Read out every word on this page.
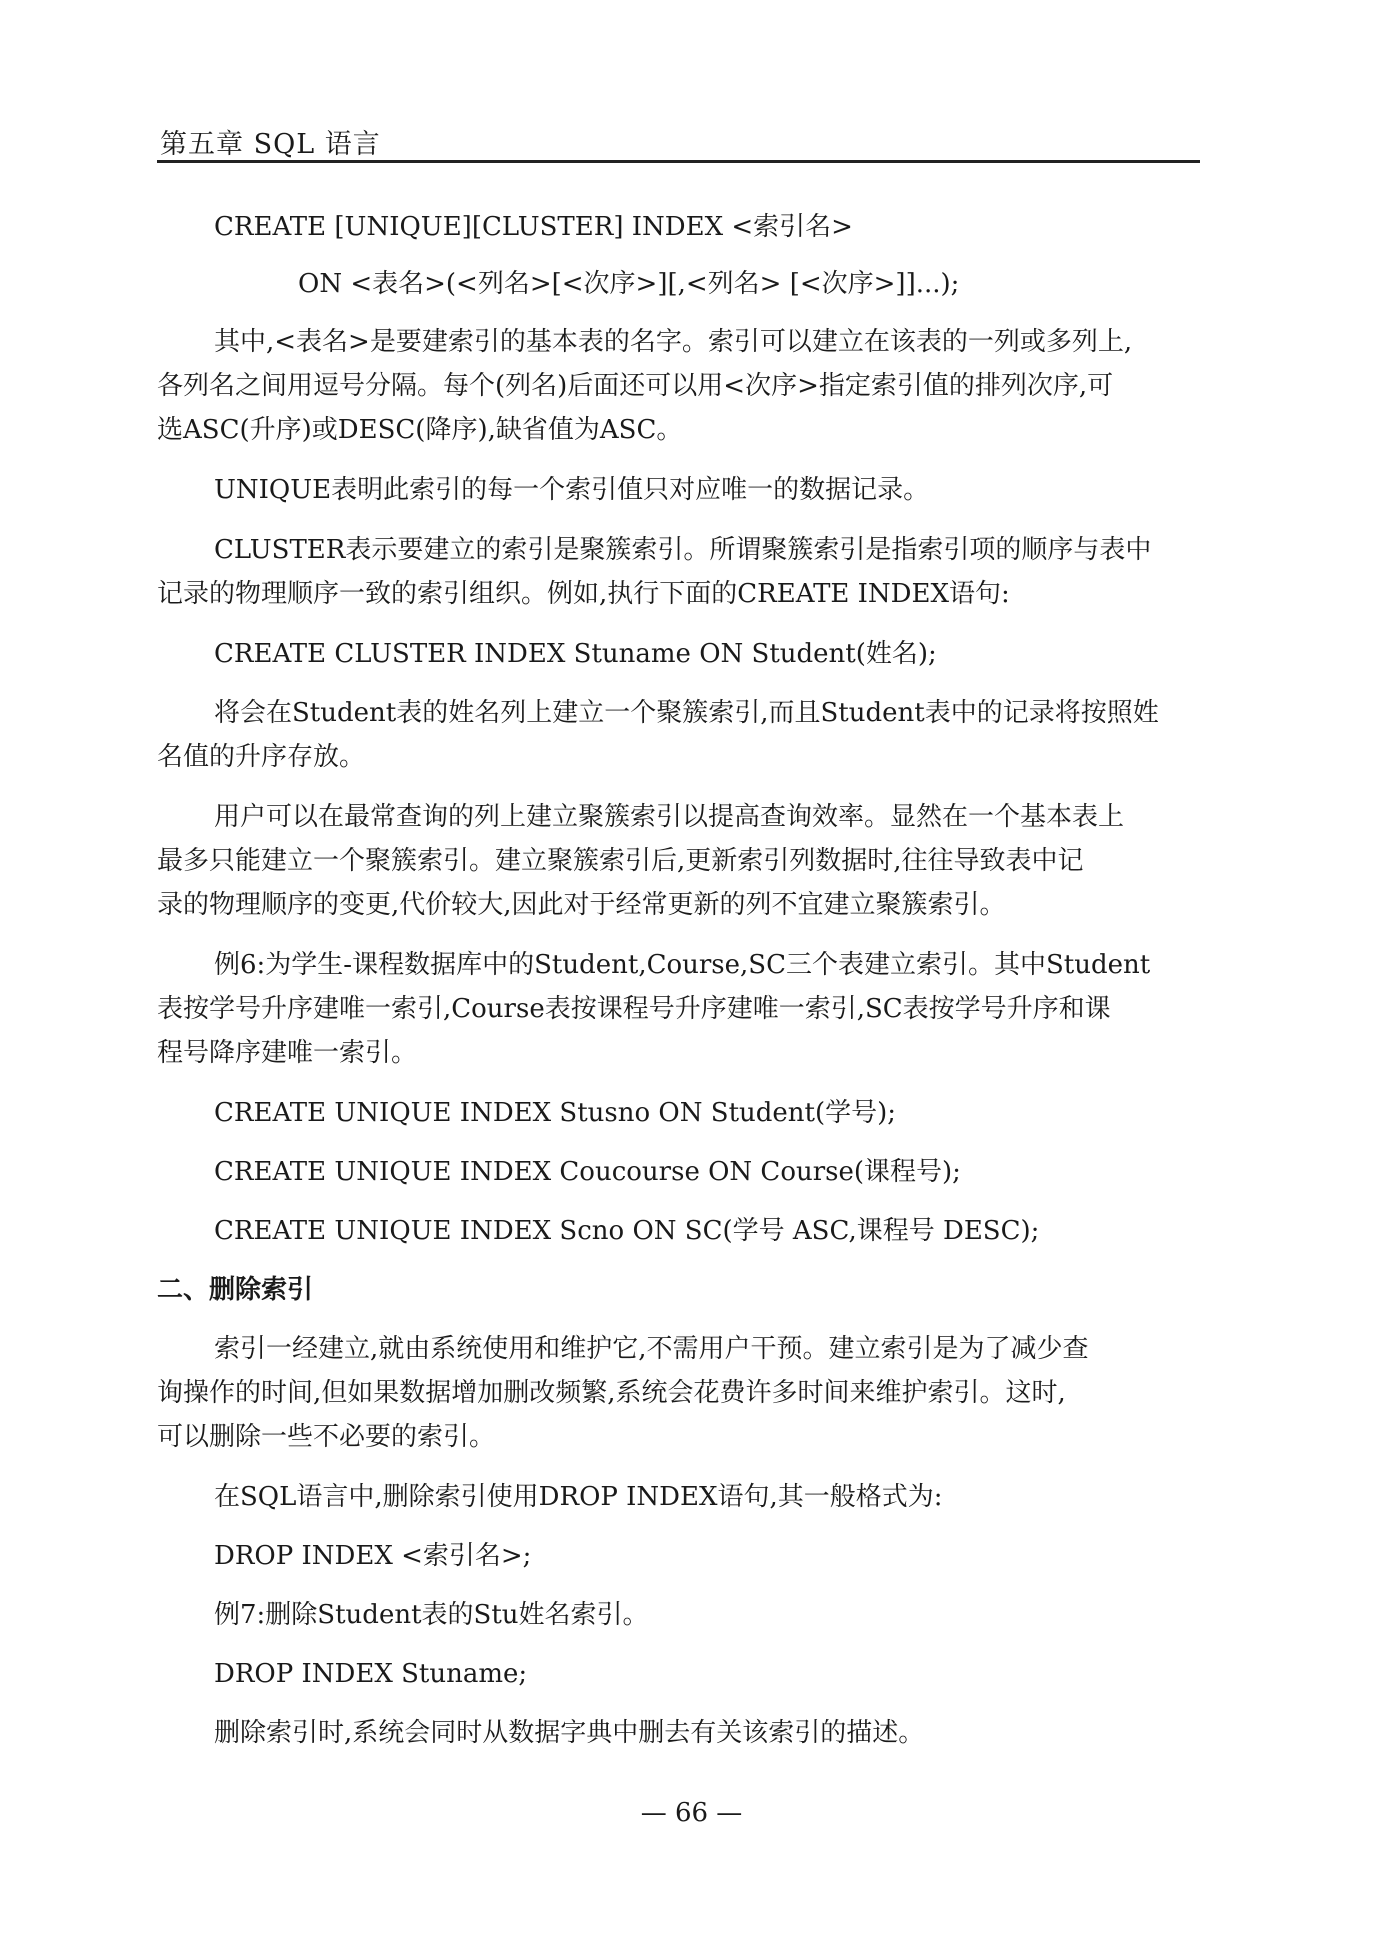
第五章 SQL 语言
CREATE [UNIQUE][CLUSTER] INDEX <索引名>
ON <表名>(<列名>[<次序>][,<列名> [<次序>]]...);
其中,<表名>是要建索引的基本表的名字。索引可以建立在该表的一列或多列上,
各列名之间用逗号分隔。每个(列名)后面还可以用<次序>指定索引值的排列次序,可
选ASC(升序)或DESC(降序),缺省值为ASC。
UNIQUE表明此索引的每一个索引值只对应唯一的数据记录。
CLUSTER表示要建立的索引是聚簇索引。所谓聚簇索引是指索引项的顺序与表中
记录的物理顺序一致的索引组织。例如,执行下面的CREATE INDEX语句:
CREATE CLUSTER INDEX Stuname ON Student(姓名);
将会在Student表的姓名列上建立一个聚簇索引,而且Student表中的记录将按照姓
名值的升序存放。
用户可以在最常查询的列上建立聚簇索引以提高查询效率。显然在一个基本表上
最多只能建立一个聚簇索引。建立聚簇索引后,更新索引列数据时,往往导致表中记
录的物理顺序的变更,代价较大,因此对于经常更新的列不宜建立聚簇索引。
例6:为学生-课程数据库中的Student,Course,SC三个表建立索引。其中Student
表按学号升序建唯一索引,Course表按课程号升序建唯一索引,SC表按学号升序和课
程号降序建唯一索引。
CREATE UNIQUE INDEX Stusno ON Student(学号);
CREATE UNIQUE INDEX Coucourse ON Course(课程号);
CREATE UNIQUE INDEX Scno ON SC(学号 ASC,课程号 DESC);
二、删除索引
索引一经建立,就由系统使用和维护它,不需用户干预。建立索引是为了减少查
询操作的时间,但如果数据增加删改频繁,系统会花费许多时间来维护索引。这时,
可以删除一些不必要的索引。
在SQL语言中,删除索引使用DROP INDEX语句,其一般格式为:
DROP INDEX <索引名>;
例7:删除Student表的Stu姓名索引。
DROP INDEX Stuname;
删除索引时,系统会同时从数据字典中删去有关该索引的描述。
— 66 —
